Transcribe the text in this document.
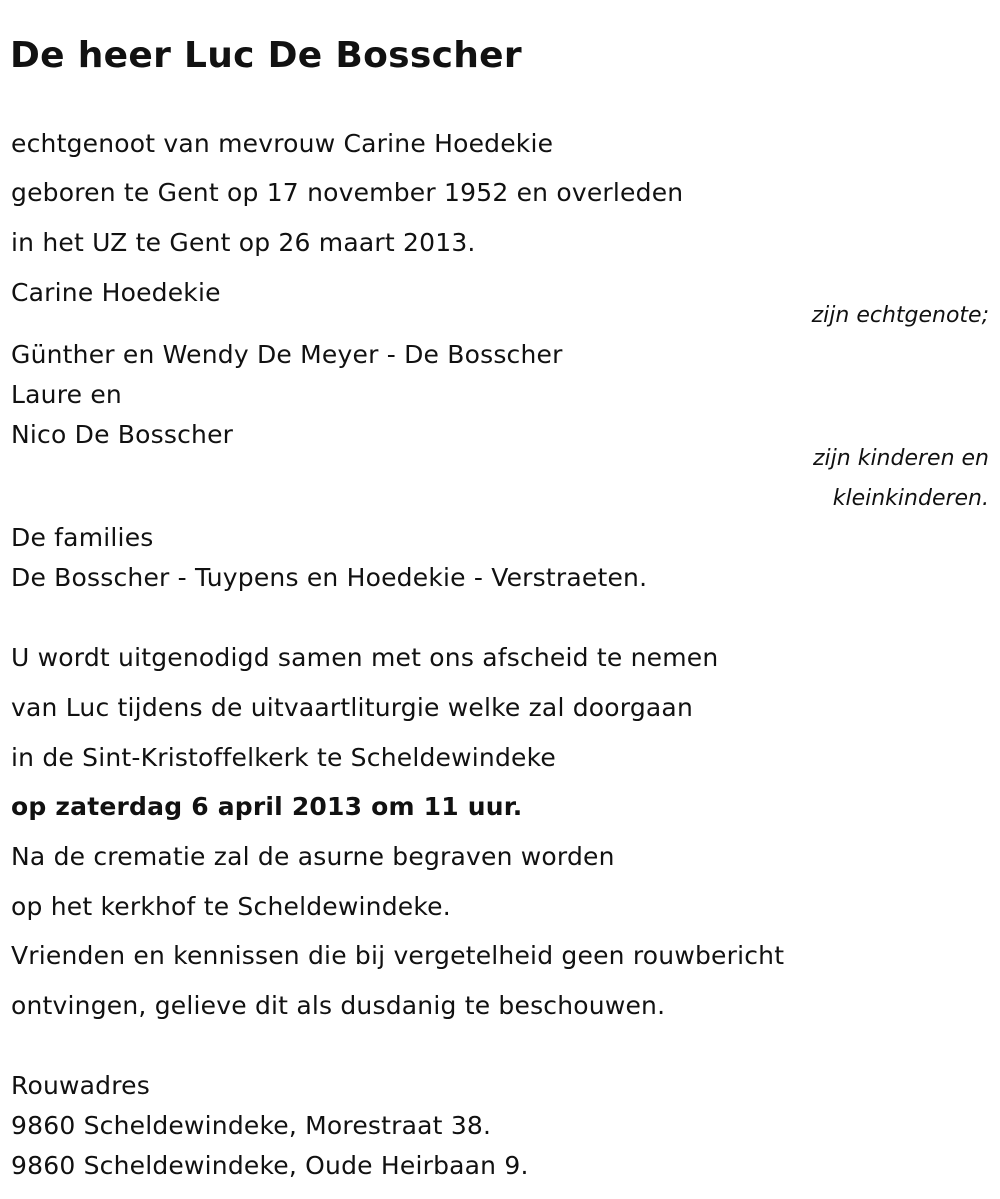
De heer Luc De Bosscher
echtgenoot van mevrouw Carine Hoedekie
geboren te Gent op 17 november 1952 en overleden
in het UZ te Gent op 26 maart 2013.
Carine Hoedekie
zijn echtgenote;
Günther en Wendy De Meyer - De Bosscher
Laure en
Nico De Bosscher
zijn kinderen en
kleinkinderen.
De families
De Bosscher - Tuypens en Hoedekie - Verstraeten.
U wordt uitgenodigd samen met ons afscheid te nemen
van Luc tijdens de uitvaartliturgie welke zal doorgaan
in de Sint-Kristoffelkerk te Scheldewindeke
op zaterdag 6 april 2013 om 11 uur.
Na de crematie zal de asurne begraven worden
op het kerkhof te Scheldewindeke.
Vrienden en kennissen die bij vergetelheid geen rouwbericht
ontvingen, gelieve dit als dusdanig te beschouwen.
Rouwadres
9860 Scheldewindeke, Morestraat 38.
9860 Scheldewindeke, Oude Heirbaan 9.
